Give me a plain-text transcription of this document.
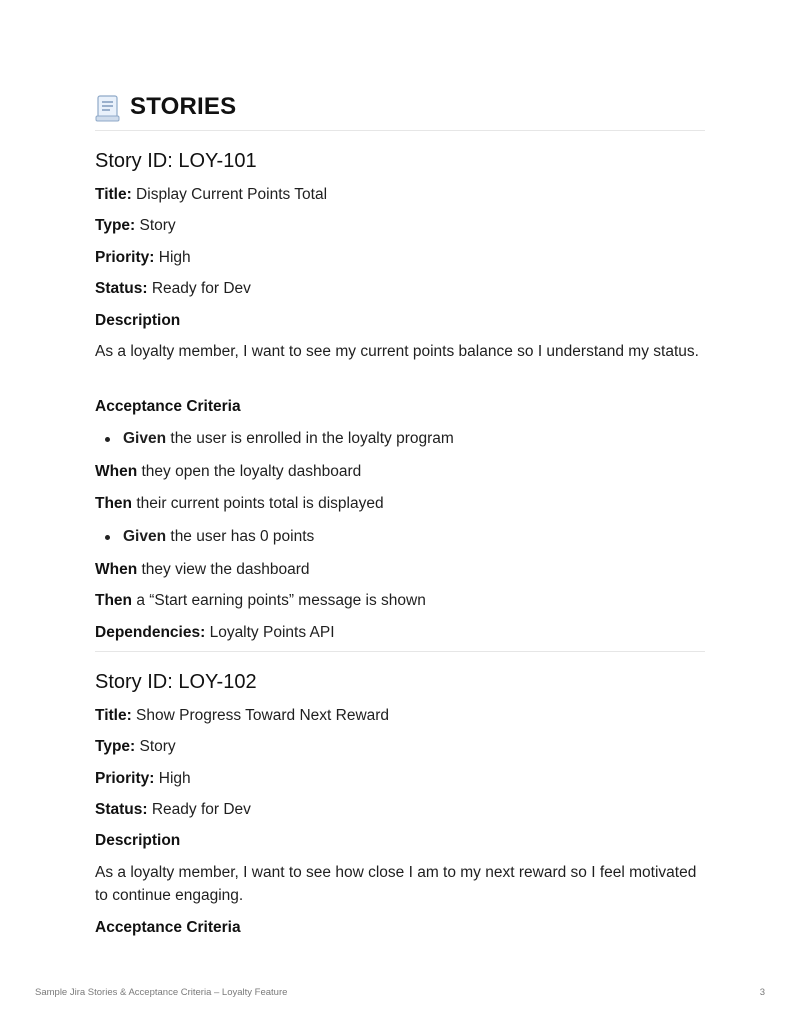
STORIES
Story ID: LOY-101
Title: Display Current Points Total
Type: Story
Priority: High
Status: Ready for Dev
Description
As a loyalty member, I want to see my current points balance so I understand my status.
Acceptance Criteria
Given the user is enrolled in the loyalty program
When they open the loyalty dashboard
Then their current points total is displayed
Given the user has 0 points
When they view the dashboard
Then a “Start earning points” message is shown
Dependencies: Loyalty Points API
Story ID: LOY-102
Title: Show Progress Toward Next Reward
Type: Story
Priority: High
Status: Ready for Dev
Description
As a loyalty member, I want to see how close I am to my next reward so I feel motivated to continue engaging.
Acceptance Criteria
Sample Jira Stories & Acceptance Criteria – Loyalty Feature	3
